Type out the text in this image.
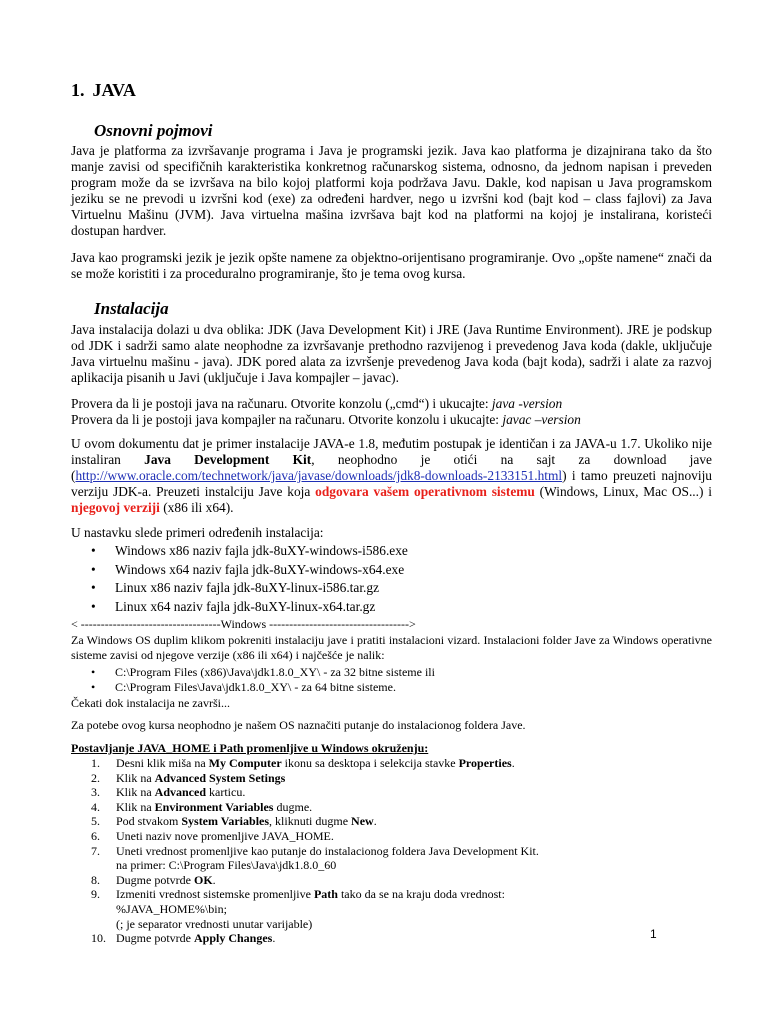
1. JAVA
Osnovni pojmovi

Java je platforma za izvršavanje programa i Java je programski jezik. Java kao platforma je dizajnirana tako da što manje zavisi od specifičnih karakteristika konkretnog računarskog sistema, odnosno, da jednom napisan i preveden program može da se izvršava na bilo kojoj platformi koja podržava Javu. Dakle, kod napisan u Java programskom jeziku se ne prevodi u izvršni kod (exe) za određeni hardver, nego u izvršni kod (bajt kod – class fajlovi) za Java Virtuelnu Mašinu (JVM). Java virtuelna mašina izvršava bajt kod na platformi na kojoj je instalirana, koristeći dostupan hardver.

Java kao programski jezik je jezik opšte namene za objektno-orijentisano programiranje. Ovo „opšte namene“ znači da se može koristiti i za proceduralno programiranje, što je tema ovog kursa.

Instalacija

Java instalacija dolazi u dva oblika: JDK (Java Development Kit) i JRE (Java Runtime Environment). JRE je podskup od JDK i sadrži samo alate neophodne za izvršavanje prethodno razvijenog i prevedenog Java koda (dakle, uključuje Java virtuelnu mašinu - java). JDK pored alata za izvršenje prevedenog Java koda (bajt koda), sadrži i alate za razvoj aplikacija pisanih u Javi (uključuje i Java kompajler – javac).

Provera da li je postoji java na računaru. Otvorite konzolu („cmd“) i ukucajte: java -version
Provera da li je postoji java kompajler na računaru. Otvorite konzolu i ukucajte: javac –version

U ovom dokumentu dat je primer instalacije JAVA-e 1.8, međutim postupak je identičan i za JAVA-u 1.7. Ukoliko nije instaliran Java Development Kit, neophodno je otići na sajt za download jave (http://www.oracle.com/technetwork/java/javase/downloads/jdk8-downloads-2133151.html) i tamo preuzeti najnoviju verziju JDK-a. Preuzeti instalciju Jave koja odgovara vašem operativnom sistemu (Windows, Linux, Mac OS...) i njegovoj verziji (x86 ili x64).

U nastavku slede primeri određenih instalacija:

• Windows x86 naziv fajla jdk-8uXY-windows-i586.exe
• Windows x64 naziv fajla jdk-8uXY-windows-x64.exe
• Linux x86 naziv fajla jdk-8uXY-linux-i586.tar.gz
• Linux x64 naziv fajla jdk-8uXY-linux-x64.tar.gz

< -----------------------------------Windows ----------------------------------->

Za Windows OS duplim klikom pokreniti instalaciju jave i pratiti instalacioni vizard. Instalacioni folder Jave za Windows operativne sisteme zavisi od njegove verzije (x86 ili x64) i najčešće je nalik:

• C:\Program Files (x86)\Java\jdk1.8.0_XY\ - za 32 bitne sisteme ili
• C:\Program Files\Java\jdk1.8.0_XY\ - za 64 bitne sisteme.

Čekati dok instalacija ne završi...

Za potebe ovog kursa neophodno je našem OS naznačiti putanje do instalacionog foldera Jave.

Postavljanje JAVA_HOME i Path promenljive u Windows okruženju:

1. Desni klik miša na My Computer ikonu sa desktopa i selekcija stavke Properties.
2. Klik na Advanced System Setings
3. Klik na Advanced karticu.
4. Klik na Environment Variables dugme.
5. Pod stvakom System Variables, kliknuti dugme New.
6. Uneti naziv nove promenljive JAVA_HOME.
7. Uneti vrednost promenljive kao putanje do instalacionog foldera Java Development Kit.
na primer: C:\Program Files\Java\jdk1.8.0_60
8. Dugme potvrde OK.
9. Izmeniti vrednost sistemske promenljive Path tako da se na kraju doda vrednost:
%JAVA_HOME%\bin;
(; je separator vrednosti unutar varijable)
10. Dugme potvrde Apply Changes.	1
